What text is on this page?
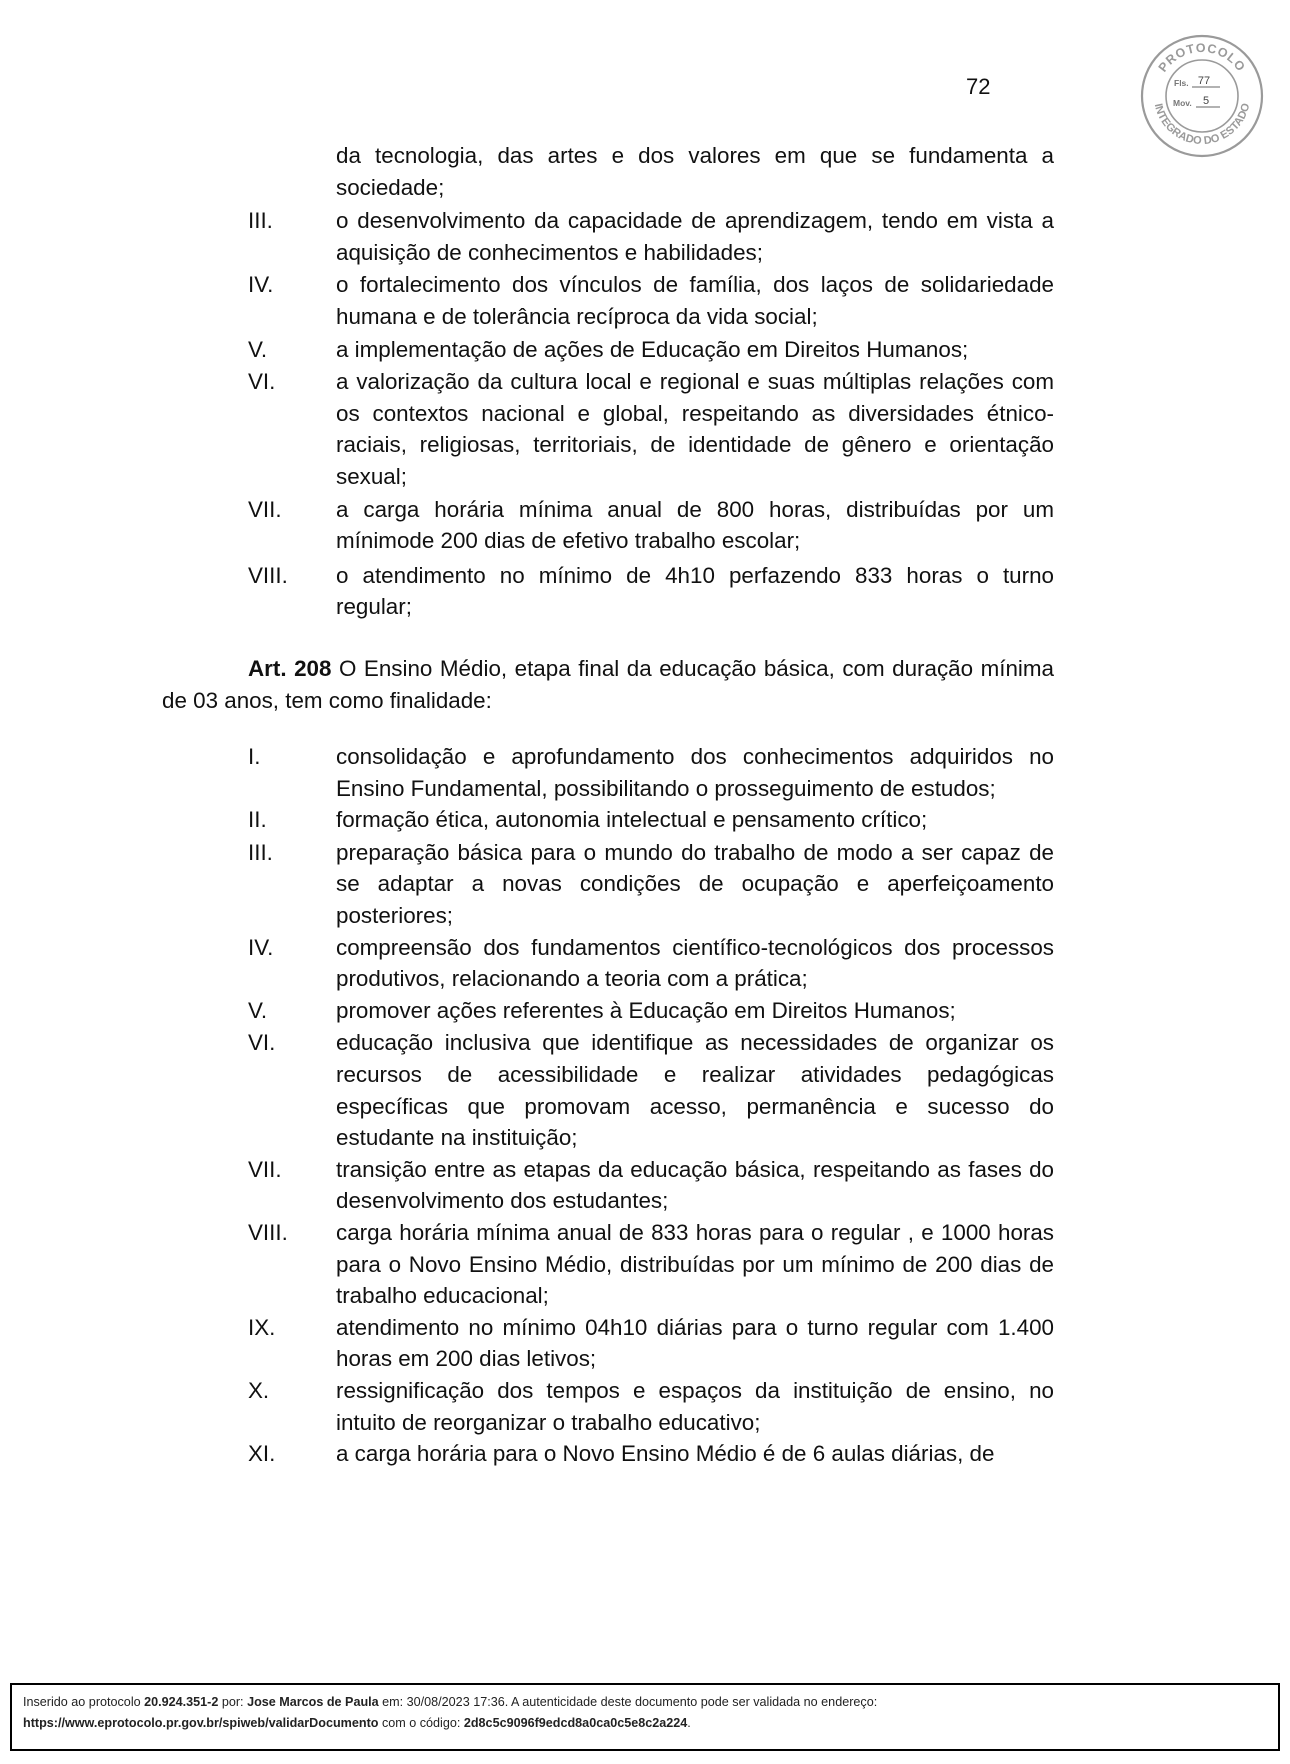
72
PROTOCOLO
INTEGRADO DO ESTADO
Fls. 77
Mov. 5
da tecnologia, das artes e dos valores em que se fundamenta a sociedade;
III.	o desenvolvimento da capacidade de aprendizagem, tendo em vista a aquisição de conhecimentos e habilidades;
IV.	o fortalecimento dos vínculos de família, dos laços de solidariedade humana e de tolerância recíproca da vida social;
V.	a implementação de ações de Educação em Direitos Humanos;
VI.	a valorização da cultura local e regional e suas múltiplas relações com os contextos nacional e global, respeitando as diversidades étnico-raciais, religiosas, territoriais, de identidade de gênero e orientação sexual;
VII. a carga horária mínima anual de 800 horas, distribuídas por um mínimode 200 dias de efetivo trabalho escolar;
VIII. o atendimento no mínimo de 4h10 perfazendo 833 horas o turno regular;
Art. 208 O Ensino Médio, etapa final da educação básica, com duração mínima de 03 anos, tem como finalidade:
I.	consolidação e aprofundamento dos conhecimentos adquiridos no Ensino Fundamental, possibilitando o prosseguimento de estudos;
II.	formação ética, autonomia intelectual e pensamento crítico;
III.	preparação básica para o mundo do trabalho de modo a ser capaz de se adaptar a novas condições de ocupação e aperfeiçoamento posteriores;
IV.	compreensão dos fundamentos científico-tecnológicos dos processos produtivos, relacionando a teoria com a prática;
V.	promover ações referentes à Educação em Direitos Humanos;
VI.	educação inclusiva que identifique as necessidades de organizar os recursos de acessibilidade e realizar atividades pedagógicas específicas que promovam acesso, permanência e sucesso do estudante na instituição;
VII. transição entre as etapas da educação básica, respeitando as fases do desenvolvimento dos estudantes;
VIII. carga horária mínima anual de 833 horas para o regular , e 1000 horas para o Novo Ensino Médio, distribuídas por um mínimo de 200 dias de trabalho educacional;
IX.	atendimento no mínimo 04h10 diárias para o turno regular com 1.400 horas em 200 dias letivos;
X.	ressignificação dos tempos e espaços da instituição de ensino, no intuito de reorganizar o trabalho educativo;
XI.	a carga horária para o Novo Ensino Médio é de 6 aulas diárias, de
Inserido ao protocolo 20.924.351-2 por: Jose Marcos de Paula em: 30/08/2023 17:36. A autenticidade deste documento pode ser validada no endereço:
https://www.eprotocolo.pr.gov.br/spiweb/validarDocumento com o código: 2d8c5c9096f9edcd8a0ca0c5e8c2a224.
